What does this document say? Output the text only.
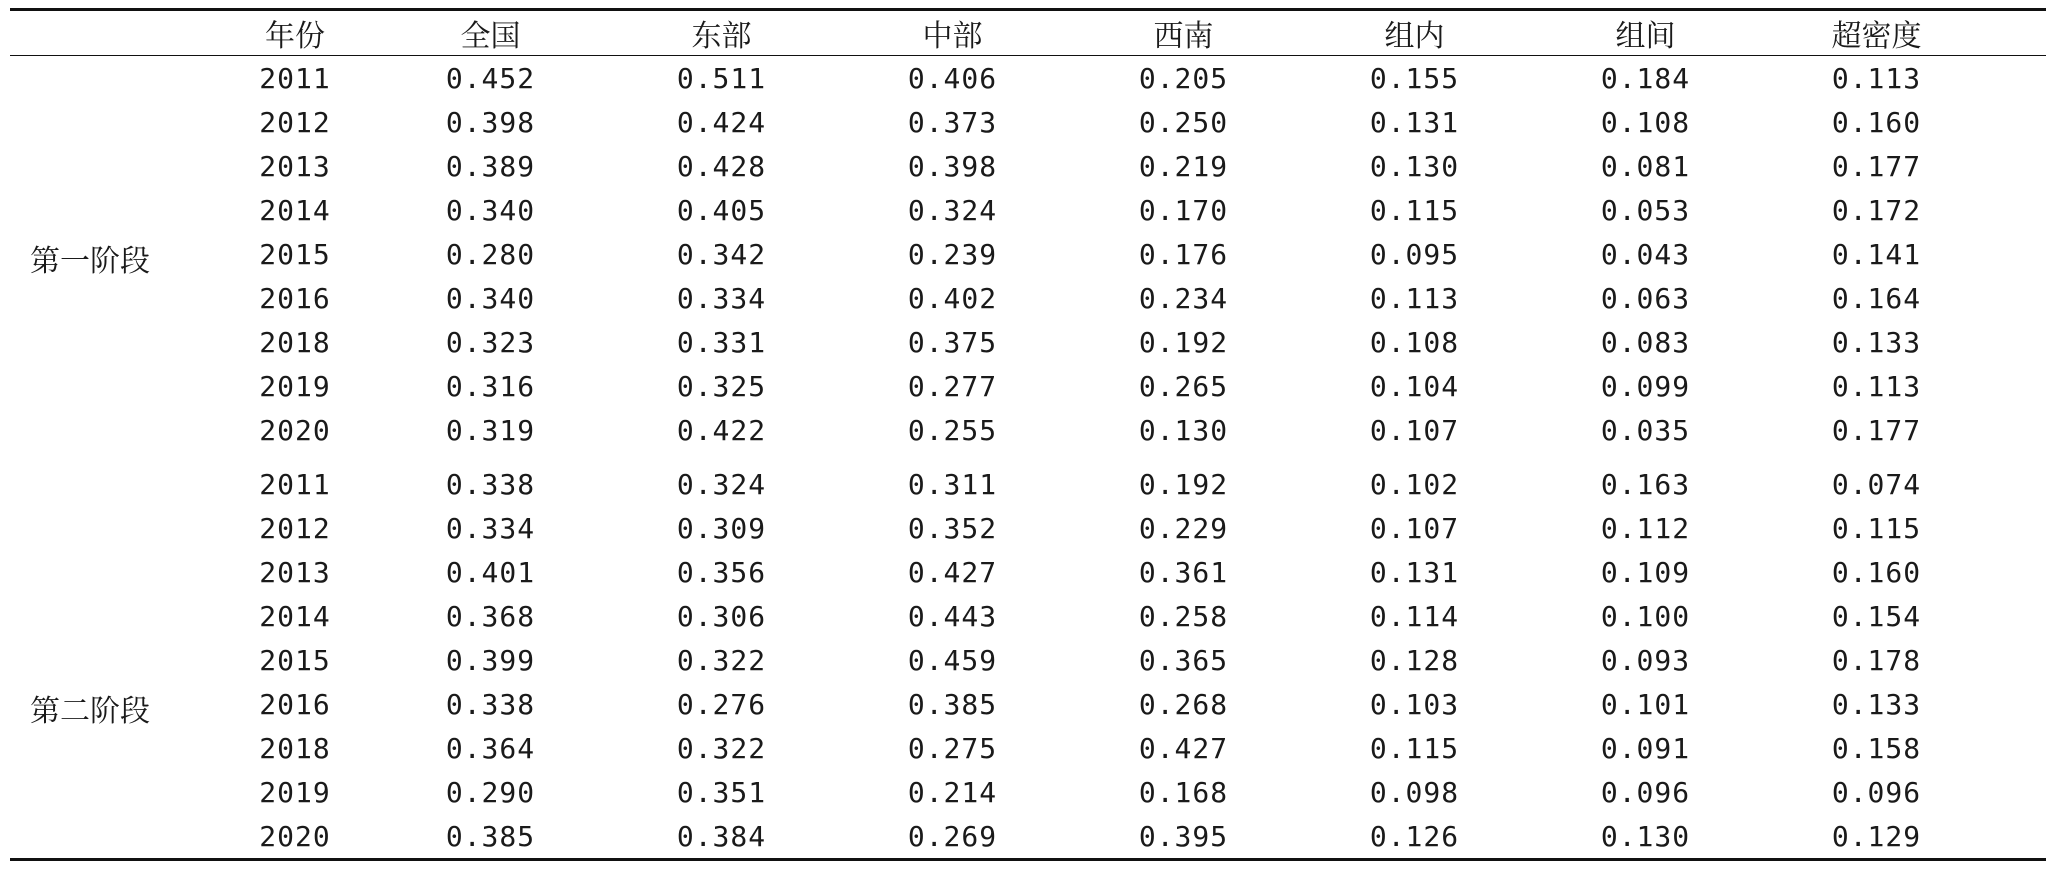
年份	全国	东部	中部	西南	组内	组间	超密度
第一阶段
2011	0.452	0.511	0.406	0.205	0.155	0.184	0.113
2012	0.398	0.424	0.373	0.250	0.131	0.108	0.160
2013	0.389	0.428	0.398	0.219	0.130	0.081	0.177
2014	0.340	0.405	0.324	0.170	0.115	0.053	0.172
2015	0.280	0.342	0.239	0.176	0.095	0.043	0.141
2016	0.340	0.334	0.402	0.234	0.113	0.063	0.164
2018	0.323	0.331	0.375	0.192	0.108	0.083	0.133
2019	0.316	0.325	0.277	0.265	0.104	0.099	0.113
2020	0.319	0.422	0.255	0.130	0.107	0.035	0.177
第二阶段
2011	0.338	0.324	0.311	0.192	0.102	0.163	0.074
2012	0.334	0.309	0.352	0.229	0.107	0.112	0.115
2013	0.401	0.356	0.427	0.361	0.131	0.109	0.160
2014	0.368	0.306	0.443	0.258	0.114	0.100	0.154
2015	0.399	0.322	0.459	0.365	0.128	0.093	0.178
2016	0.338	0.276	0.385	0.268	0.103	0.101	0.133
2018	0.364	0.322	0.275	0.427	0.115	0.091	0.158
2019	0.290	0.351	0.214	0.168	0.098	0.096	0.096
2020	0.385	0.384	0.269	0.395	0.126	0.130	0.129
